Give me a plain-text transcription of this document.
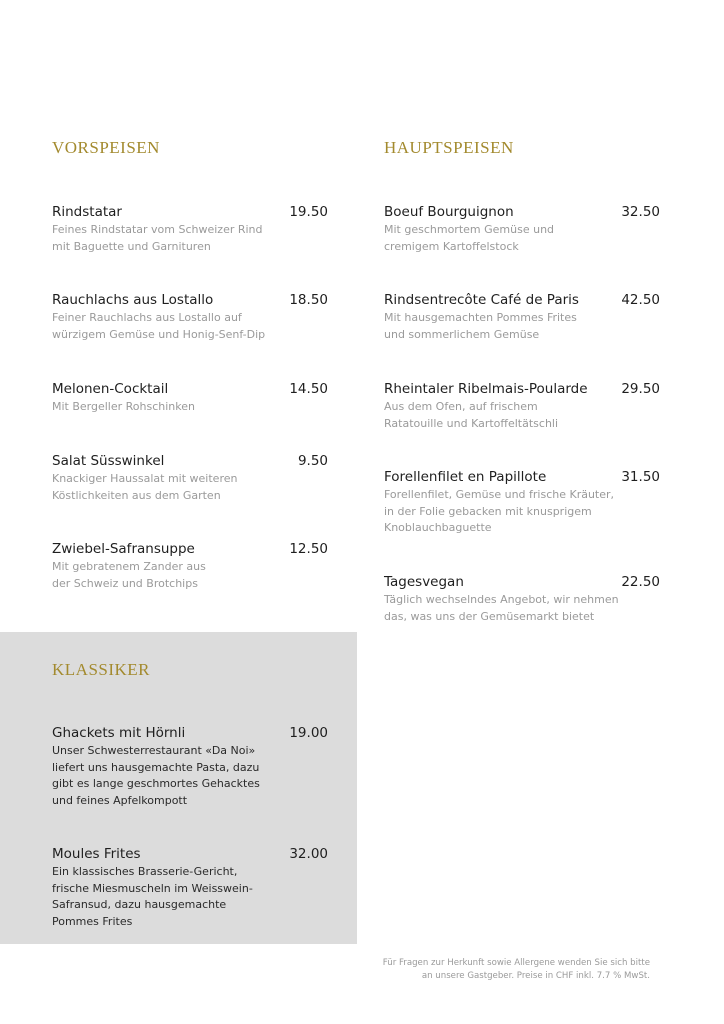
VORSPEISEN
Rindstatar	19.50
Feines Rindstatar vom Schweizer Rind
mit Baguette und Garnituren
Rauchlachs aus Lostallo	18.50
Feiner Rauchlachs aus Lostallo auf
würzigem Gemüse und Honig-Senf-Dip
Melonen-Cocktail	14.50
Mit Bergeller Rohschinken
Salat Süsswinkel	9.50
Knackiger Haussalat mit weiteren
Köstlichkeiten aus dem Garten
Zwiebel-Safransuppe	12.50
Mit gebratenem Zander aus
der Schweiz und Brotchips
HAUPTSPEISEN
Boeuf Bourguignon	32.50
Mit geschmortem Gemüse und
cremigem Kartoffelstock
Rindsentrecôte Café de Paris	42.50
Mit hausgemachten Pommes Frites
und sommerlichem Gemüse
Rheintaler Ribelmais-Poularde	29.50
Aus dem Ofen, auf frischem
Ratatouille und Kartoffeltätschli
Forellenfilet en Papillote	31.50
Forellenfilet, Gemüse und frische Kräuter,
in der Folie gebacken mit knusprigem
Knoblauchbaguette
Tagesvegan	22.50
Täglich wechselndes Angebot, wir nehmen
das, was uns der Gemüsemarkt bietet
KLASSIKER
Ghackets mit Hörnli	19.00
Unser Schwesterrestaurant «Da Noi»
liefert uns hausgemachte Pasta, dazu
gibt es lange geschmortes Gehacktes
und feines Apfelkompott
Moules Frites	32.00
Ein klassisches Brasserie-Gericht,
frische Miesmuscheln im Weisswein-
Safransud, dazu hausgemachte
Pommes Frites
Für Fragen zur Herkunft sowie Allergene wenden Sie sich bitte
an unsere Gastgeber. Preise in CHF inkl. 7.7 % MwSt.
